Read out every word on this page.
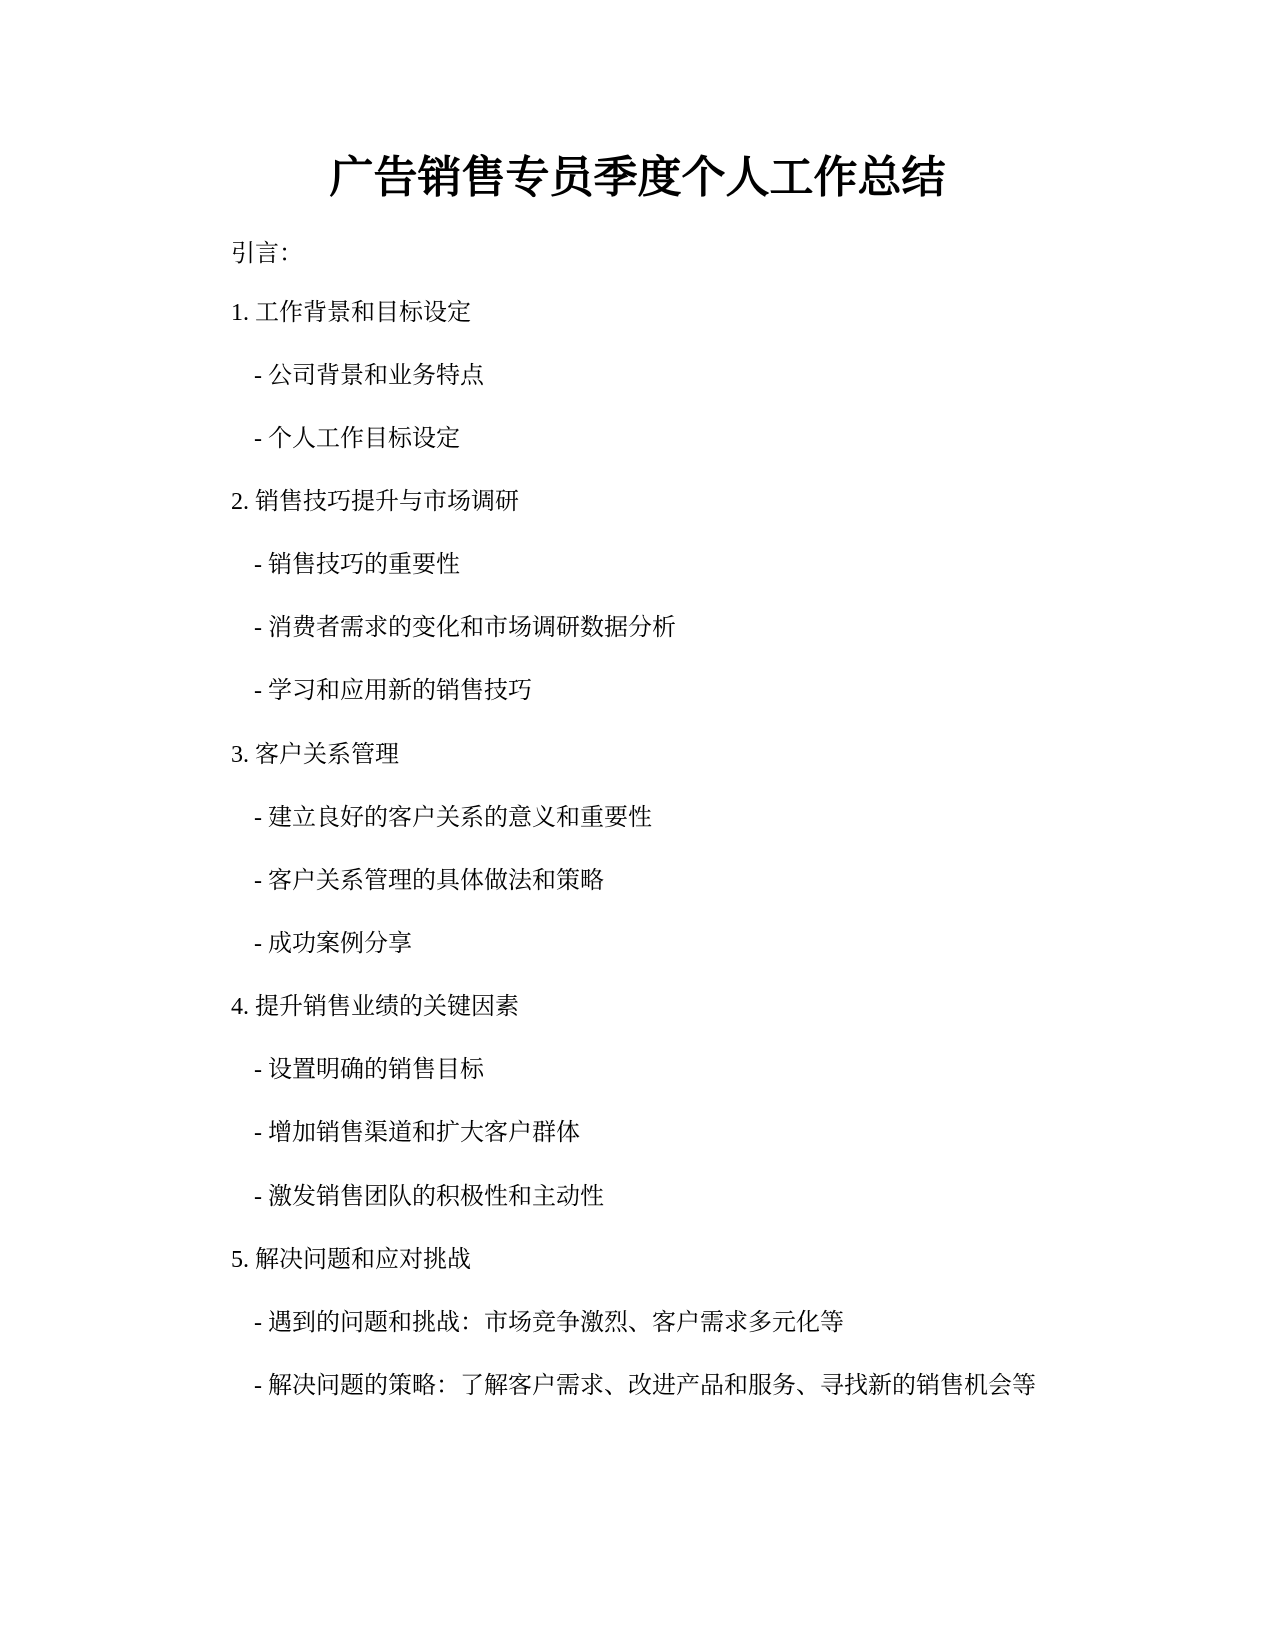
广告销售专员季度个人工作总结
引言：
1. 工作背景和目标设定
- 公司背景和业务特点
- 个人工作目标设定
2. 销售技巧提升与市场调研
- 销售技巧的重要性
- 消费者需求的变化和市场调研数据分析
- 学习和应用新的销售技巧
3. 客户关系管理
- 建立良好的客户关系的意义和重要性
- 客户关系管理的具体做法和策略
- 成功案例分享
4. 提升销售业绩的关键因素
- 设置明确的销售目标
- 增加销售渠道和扩大客户群体
- 激发销售团队的积极性和主动性
5. 解决问题和应对挑战
- 遇到的问题和挑战：市场竞争激烈、客户需求多元化等
- 解决问题的策略：了解客户需求、改进产品和服务、寻找新的销售机会等
